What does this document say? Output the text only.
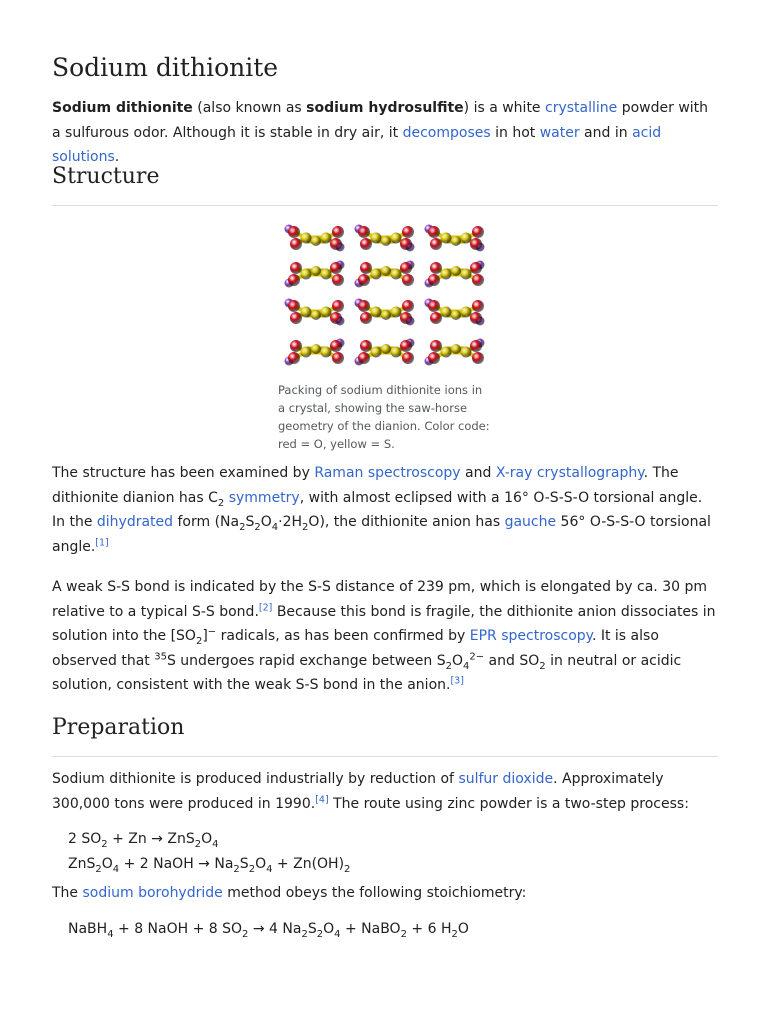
Sodium dithionite

Sodium dithionite (also known as sodium hydrosulfite) is a white crystalline powder with a sulfurous odor. Although it is stable in dry air, it decomposes in hot water and in acid solutions.

Structure
Packing of sodium dithionite ions in a crystal, showing the saw-horse geometry of the dianion. Color code: red = O, yellow = S.

The structure has been examined by Raman spectroscopy and X-ray crystallography. The dithionite dianion has $C_2$ symmetry, with almost eclipsed with a 16° O-S-S-O torsional angle. In the dihydrated form $(Na_2S_2O_4\cdot 2H_2O)$, the dithionite anion has gauche 56° O-S-S-O torsional angle.[1]

A weak S-S bond is indicated by the S-S distance of 239 pm, which is elongated by ca. 30 pm relative to a typical S-S bond.[2] Because this bond is fragile, the dithionite anion dissociates in solution into the $[SO_2]^-$ radicals, as has been confirmed by EPR spectroscopy. It is also observed that $^{35}$S undergoes rapid exchange between $S_2O_4^{2-}$ and $SO_2$ in neutral or acidic solution, consistent with the weak S-S bond in the anion.[3]

Preparation

Sodium dithionite is produced industrially by reduction of sulfur dioxide. Approximately 300,000 tons were produced in 1990.[4] The route using zinc powder is a two-step process:

2 $SO_2 + Zn \to ZnS_2O_4$
$ZnS_2O_4 + 2$ NaOH → $Na_2S_2O_4 + Zn(OH)_2$

The sodium borohydride method obeys the following stoichiometry:

NaBH$_4$ + 8 NaOH + 8 $SO_2 \to 4$ $Na_2S_2O_4$ + NaBO$_2$ + 6 $H_2O$
